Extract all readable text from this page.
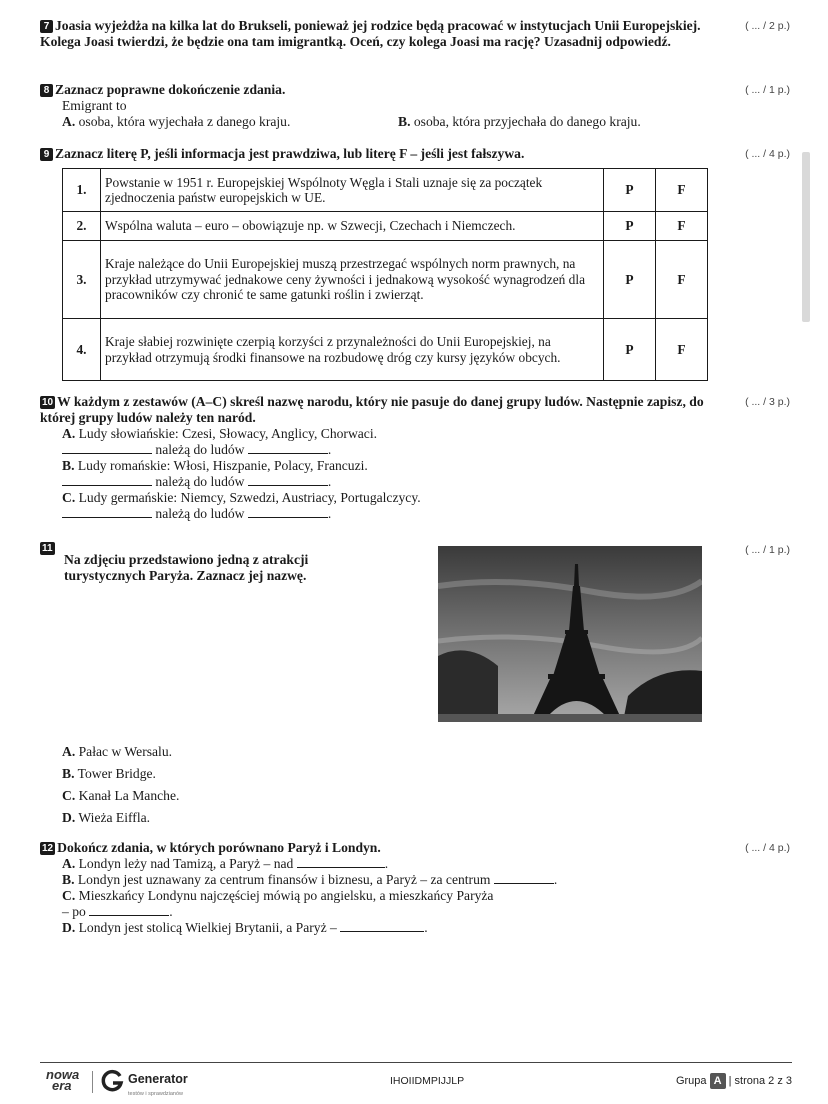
7 Joasia wyjeżdża na kilka lat do Brukseli, ponieważ jej rodzice będą pracować w instytucjach Unii Europejskiej. Kolega Joasi twierdzi, że będzie ona tam imigrantką. Oceń, czy kolega Joasi ma rację? Uzasadnij odpowiedź.
( ... / 2 p.)
8 Zaznacz poprawne dokończenie zdania.	( ... / 1 p.)
Emigrant to
A. osoba, która wyjechała z danego kraju.	B. osoba, która przyjechała do danego kraju.
9 Zaznacz literę P, jeśli informacja jest prawdziwa, lub literę F – jeśli jest fałszywa.	( ... / 4 p.)
1.	Powstanie w 1951 r. Europejskiej Wspólnoty Węgla i Stali uznaje się za początek zjednoczenia państw europejskich w UE.	P	F
2.	Wspólna waluta – euro – obowiązuje np. w Szwecji, Czechach i Niemczech.	P	F
3.	Kraje należące do Unii Europejskiej muszą przestrzegać wspólnych norm prawnych, na przykład utrzymywać jednakowe ceny żywności i jednakową wysokość wynagrodzeń dla pracowników czy chronić te same gatunki roślin i zwierząt.	P	F
4.	Kraje słabiej rozwinięte czerpią korzyści z przynależności do Unii Europejskiej, na przykład otrzymują środki finansowe na rozbudowę dróg czy kursy języków obcych.	P	F
10 W każdym z zestawów (A–C) skreśl nazwę narodu, który nie pasuje do danej grupy ludów. Następnie zapisz, do której grupy ludów należy ten naród.
( ... / 3 p.)
A. Ludy słowiańskie: Czesi, Słowacy, Anglicy, Chorwaci.
należą do ludów	.
B. Ludy romańskie: Włosi, Hiszpanie, Polacy, Francuzi.
należą do ludów	.
C. Ludy germańskie: Niemcy, Szwedzi, Austriacy, Portugalczycy.
należą do ludów	.
11	( ... / 1 p.)
Na zdjęciu przedstawiono jedną z atrakcji turystycznych Paryża. Zaznacz jej nazwę.
A. Pałac w Wersalu.
B. Tower Bridge.
C. Kanał La Manche.
D. Wieża Eiffla.
12 Dokończ zdania, w których porównano Paryż i Londyn.	( ... / 4 p.)
A. Londyn leży nad Tamizą, a Paryż – nad	.
B. Londyn jest uznawany za centrum finansów i biznesu, a Paryż – za centrum	.
C. Mieszkańcy Londynu najczęściej mówią po angielsku, a mieszkańcy Paryża
– po	.
D. Londyn jest stolicą Wielkiej Brytanii, a Paryż –	.
nowa
era	Generator
testów i sprawdzianów
IHOIIDMPIJJLP	Grupa A | strona 2 z 3
